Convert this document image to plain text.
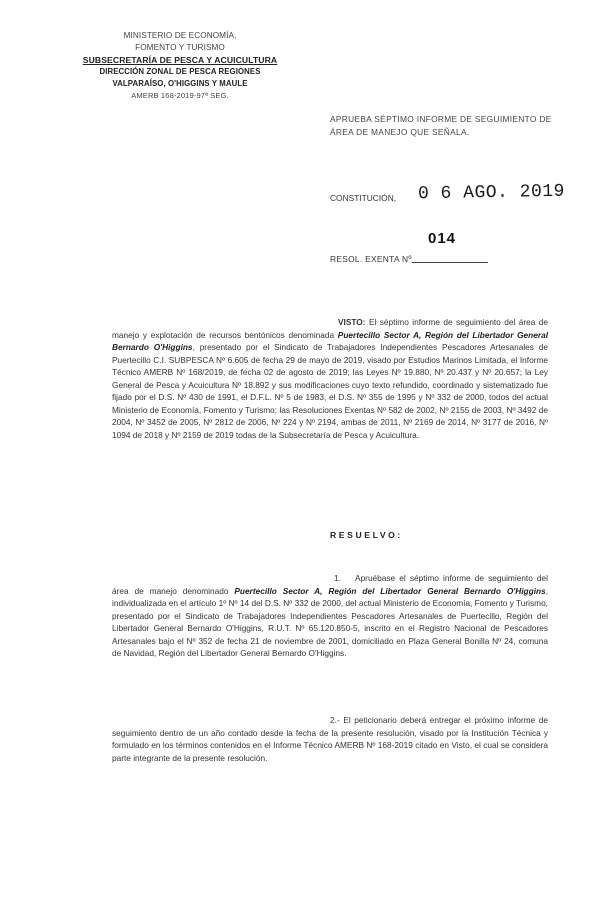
MINISTERIO DE ECONOMÍA,
FOMENTO Y TURISMO
SUBSECRETARÍA DE PESCA Y ACUICULTURA
DIRECCIÓN ZONAL DE PESCA REGIONES
VALPARAÍSO, O'HIGGINS Y MAULE
AMERB 168-2019-97ª SEG.
APRUEBA SÉPTIMO INFORME DE SEGUIMIENTO DE ÁREA DE MANEJO QUE SEÑALA.
CONSTITUCIÓN, 0 6 AGO. 2019
014
RESOL. EXENTA Nº
VISTO: El séptimo informe de seguimiento del área de manejo y explotación de recursos bentónicos denominada Puertecillo Sector A, Región del Libertador General Bernardo O'Higgins, presentado por el Sindicato de Trabajadores Independientes Pescadores Artesanales de Puertecillo C.I. SUBPESCA Nº 6.605 de fecha 29 de mayo de 2019, visado por Estudios Marinos Limitada, el Informe Técnico AMERB Nº 168/2019, de fecha 02 de agosto de 2019; las Leyes Nº 19.880, Nº 20.437 y Nº 20.657; la Ley General de Pesca y Acuicultura Nº 18.892 y sus modificaciones cuyo texto refundido, coordinado y sistematizado fue fijado por el D.S. Nº 430 de 1991, el D.F.L. Nº 5 de 1983, el D.S. Nº 355 de 1995 y Nº 332 de 2000, todos del actual Ministerio de Economía, Fomento y Turismo; las Resoluciones Exentas Nº 582 de 2002, Nº 2155 de 2003, Nº 3492 de 2004, Nº 3452 de 2005, Nº 2812 de 2006, Nº 224 y Nº 2194, ambas de 2011, Nº 2169 de 2014, Nº 3177 de 2016, Nº 1094 de 2018 y Nº 2159 de 2019 todas de la Subsecretaría de Pesca y Acuicultura.
RESUELVO:
1. Apruébase el séptimo informe de seguimiento del área de manejo denominado Puertecillo Sector A, Región del Libertador General Bernardo O'Higgins, individualizada en el artículo 1º Nº 14 del D.S. Nº 332 de 2000, del actual Ministerio de Economía, Fomento y Turismo, presentado por el Sindicato de Trabajadores Independientes Pescadores Artesanales de Puertecillo, Región del Libertador General Bernardo O'Higgins, R.U.T. Nº 65.120.850-5, inscrito en el Registro Nacional de Pescadores Artesanales bajo el Nº 352 de fecha 21 de noviembre de 2001, domiciliado en Plaza General Bonilla Nº 24, comuna de Navidad, Región del Libertador General Bernardo O'Higgins.
2.- El peticionario deberá entregar el próximo informe de seguimiento dentro de un año contado desde la fecha de la presente resolución, visado por la Institución Técnica y formulado en los términos contenidos en el Informe Técnico AMERB Nº 168-2019 citado en Visto, el cual se considera parte integrante de la presente resolución.
